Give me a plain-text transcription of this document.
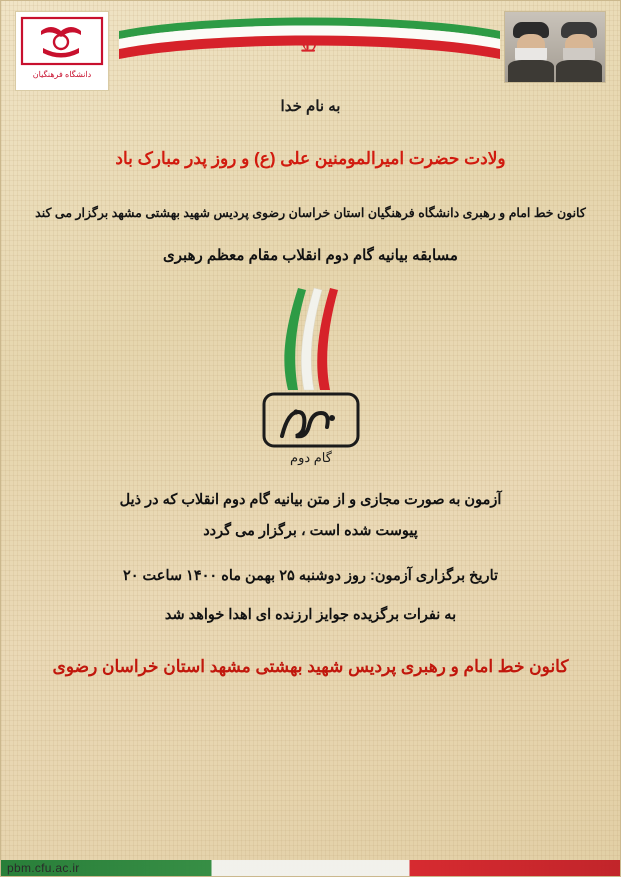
دانشگاه فرهنگیان
به نام خدا
ولادت حضرت امیرالمومنین علی (ع) و روز پدر مبارک باد
کانون خط امام و رهبری دانشگاه فرهنگیان استان خراسان رضوی پردیس شهید بهشتی مشهد برگزار می کند
مسابقه بیانیه گام دوم انقلاب مقام معظم رهبری
گام دوم
آزمون به صورت مجازی و از متن بیانیه گام دوم انقلاب که در ذیل
پیوست شده است ، برگزار می گردد
تاریخ برگزاری آزمون: روز دوشنبه ۲۵ بهمن ماه ۱۴۰۰ ساعت ۲۰
به نفرات برگزیده جوایز ارزنده ای اهدا خواهد شد
کانون خط امام و رهبری پردیس شهید بهشتی مشهد استان خراسان رضوی
pbm.cfu.ac.ir
